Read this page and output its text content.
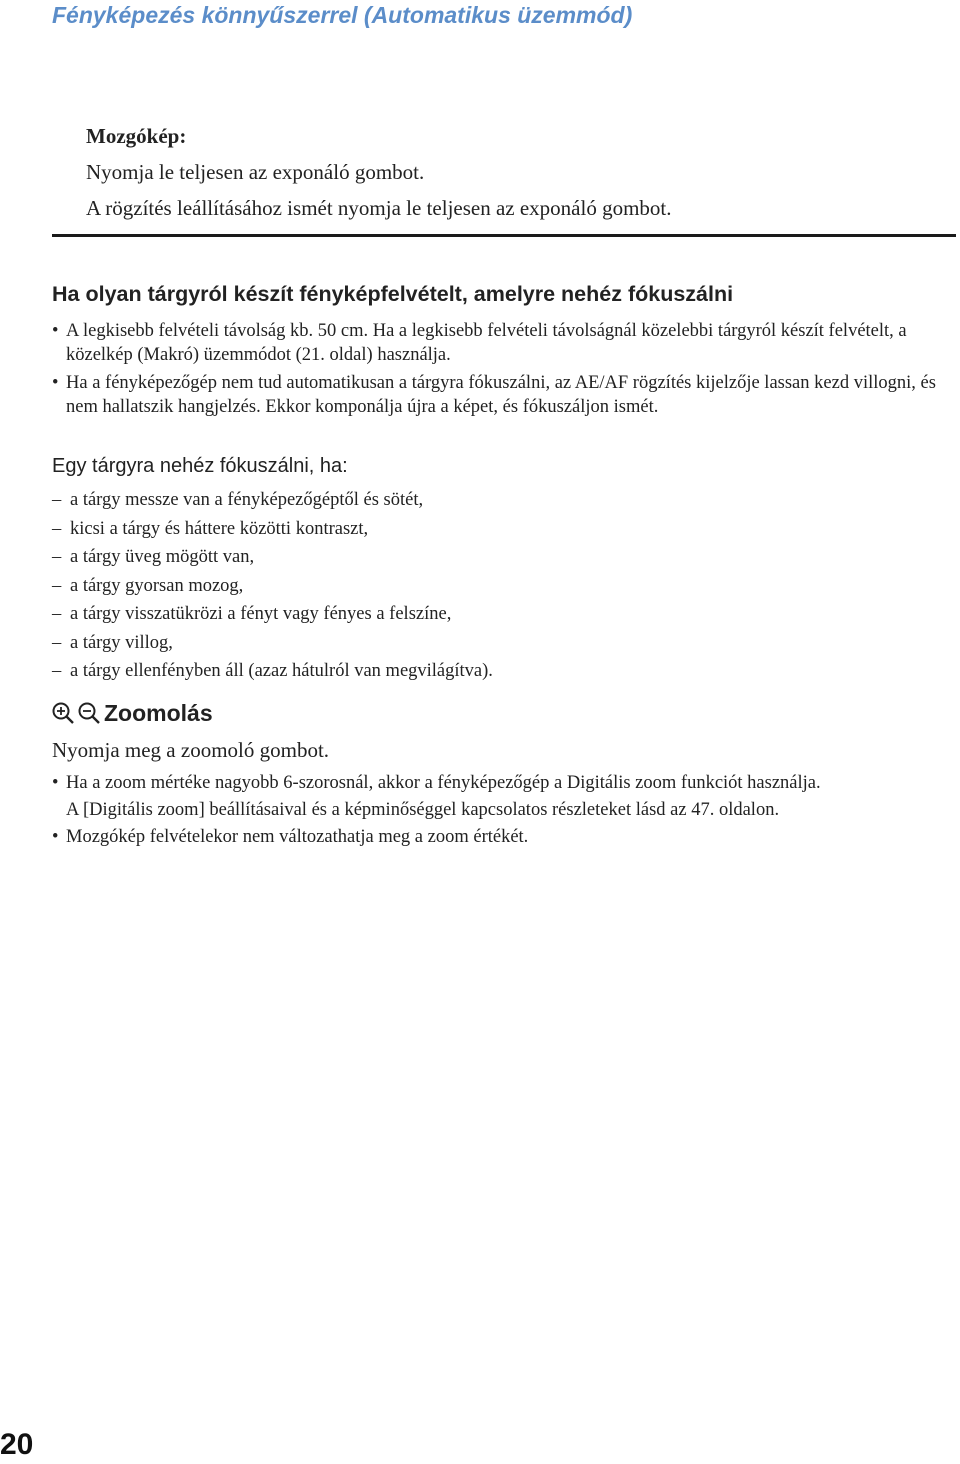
Fényképezés könnyűszerrel (Automatikus üzemmód)
Mozgókép:
Nyomja le teljesen az exponáló gombot.
A rögzítés leállításához ismét nyomja le teljesen az exponáló gombot.
Ha olyan tárgyról készít fényképfelvételt, amelyre nehéz fókuszálni
• A legkisebb felvételi távolság kb. 50 cm. Ha a legkisebb felvételi távolságnál közelebbi tárgyról készít felvételt, a közelkép (Makró) üzemmódot (21. oldal) használja.
• Ha a fényképezőgép nem tud automatikusan a tárgyra fókuszálni, az AE/AF rögzítés kijelzője lassan kezd villogni, és nem hallatszik hangjelzés. Ekkor komponálja újra a képet, és fókuszáljon ismét.
Egy tárgyra nehéz fókuszálni, ha:
– a tárgy messze van a fényképezőgéptől és sötét,
– kicsi a tárgy és háttere közötti kontraszt,
– a tárgy üveg mögött van,
– a tárgy gyorsan mozog,
– a tárgy visszatükrözi a fényt vagy fényes a felszíne,
– a tárgy villog,
– a tárgy ellenfényben áll (azaz hátulról van megvilágítva).
Zoomolás
Nyomja meg a zoomoló gombot.
• Ha a zoom mértéke nagyobb 6-szorosnál, akkor a fényképezőgép a Digitális zoom funkciót használja.
A [Digitális zoom] beállításaival és a képminőséggel kapcsolatos részleteket lásd az 47. oldalon.
• Mozgókép felvételekor nem változathatja meg a zoom értékét.
20
